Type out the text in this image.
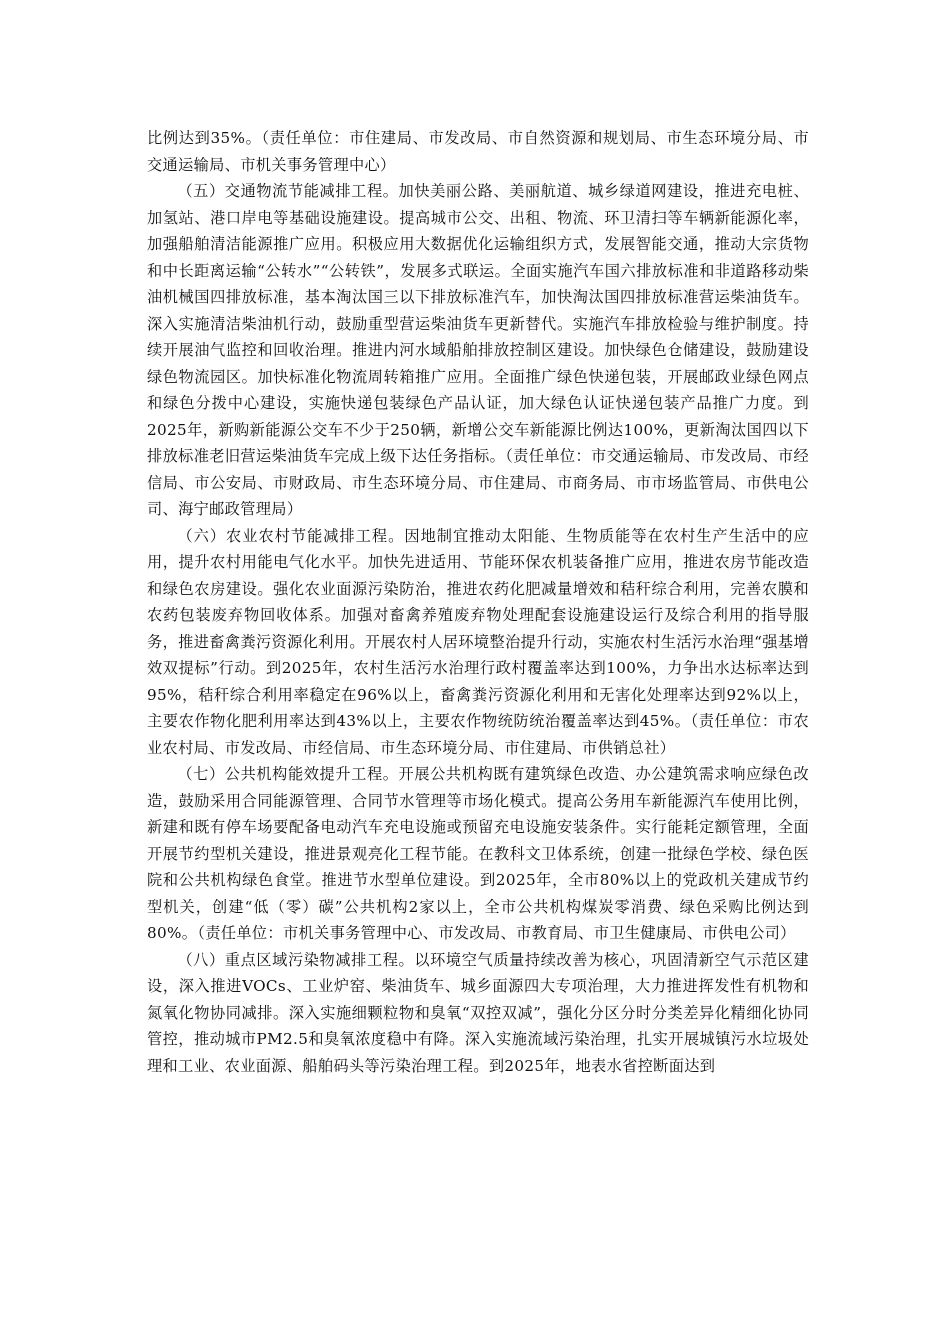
比例达到35%。（责任单位：市住建局、市发改局、市自然资源和规划局、市生态环境分局、市交通运输局、市机关事务管理中心）

（五）交通物流节能减排工程。加快美丽公路、美丽航道、城乡绿道网建设，推进充电桩、加氢站、港口岸电等基础设施建设。提高城市公交、出租、物流、环卫清扫等车辆新能源化率，加强船舶清洁能源推广应用。积极应用大数据优化运输组织方式，发展智能交通，推动大宗货物和中长距离运输“公转水”“公转铁”，发展多式联运。全面实施汽车国六排放标准和非道路移动柴油机械国四排放标准，基本淘汰国三以下排放标准汽车，加快淘汰国四排放标准营运柴油货车。深入实施清洁柴油机行动，鼓励重型营运柴油货车更新替代。实施汽车排放检验与维护制度。持续开展油气监控和回收治理。推进内河水域船舶排放控制区建设。加快绿色仓储建设，鼓励建设绿色物流园区。加快标准化物流周转箱推广应用。全面推广绿色快递包装，开展邮政业绿色网点和绿色分拨中心建设，实施快递包装绿色产品认证，加大绿色认证快递包装产品推广力度。到2025年，新购新能源公交车不少于250辆，新增公交车新能源比例达100%，更新淘汰国四以下排放标准老旧营运柴油货车完成上级下达任务指标。（责任单位：市交通运输局、市发改局、市经信局、市公安局、市财政局、市生态环境分局、市住建局、市商务局、市市场监管局、市供电公司、海宁邮政管理局）

（六）农业农村节能减排工程。因地制宜推动太阳能、生物质能等在农村生产生活中的应用，提升农村用能电气化水平。加快先进适用、节能环保农机装备推广应用，推进农房节能改造和绿色农房建设。强化农业面源污染防治，推进农药化肥减量增效和秸秆综合利用，完善农膜和农药包装废弃物回收体系。加强对畜禽养殖废弃物处理配套设施建设运行及综合利用的指导服务，推进畜禽粪污资源化利用。开展农村人居环境整治提升行动，实施农村生活污水治理“强基增效双提标”行动。到2025年，农村生活污水治理行政村覆盖率达到100%，力争出水达标率达到95%，秸秆综合利用率稳定在96%以上，畜禽粪污资源化利用和无害化处理率达到92%以上，主要农作物化肥利用率达到43%以上，主要农作物统防统治覆盖率达到45%。（责任单位：市农业农村局、市发改局、市经信局、市生态环境分局、市住建局、市供销总社）

（七）公共机构能效提升工程。开展公共机构既有建筑绿色改造、办公建筑需求响应绿色改造，鼓励采用合同能源管理、合同节水管理等市场化模式。提高公务用车新能源汽车使用比例，新建和既有停车场要配备电动汽车充电设施或预留充电设施安装条件。实行能耗定额管理，全面开展节约型机关建设，推进景观亮化工程节能。在教科文卫体系统，创建一批绿色学校、绿色医院和公共机构绿色食堂。推进节水型单位建设。到2025年，全市80%以上的党政机关建成节约型机关，创建“低（零）碳”公共机构2家以上，全市公共机构煤炭零消费、绿色采购比例达到80%。（责任单位：市机关事务管理中心、市发改局、市教育局、市卫生健康局、市供电公司）

（八）重点区域污染物减排工程。以环境空气质量持续改善为核心，巩固清新空气示范区建设，深入推进VOCs、工业炉窑、柴油货车、城乡面源四大专项治理，大力推进挥发性有机物和氮氧化物协同减排。深入实施细颗粒物和臭氧“双控双减”，强化分区分时分类差异化精细化协同管控，推动城市PM2.5和臭氧浓度稳中有降。深入实施流域污染治理，扎实开展城镇污水垃圾处理和工业、农业面源、船舶码头等污染治理工程。到2025年，地表水省控断面达到
